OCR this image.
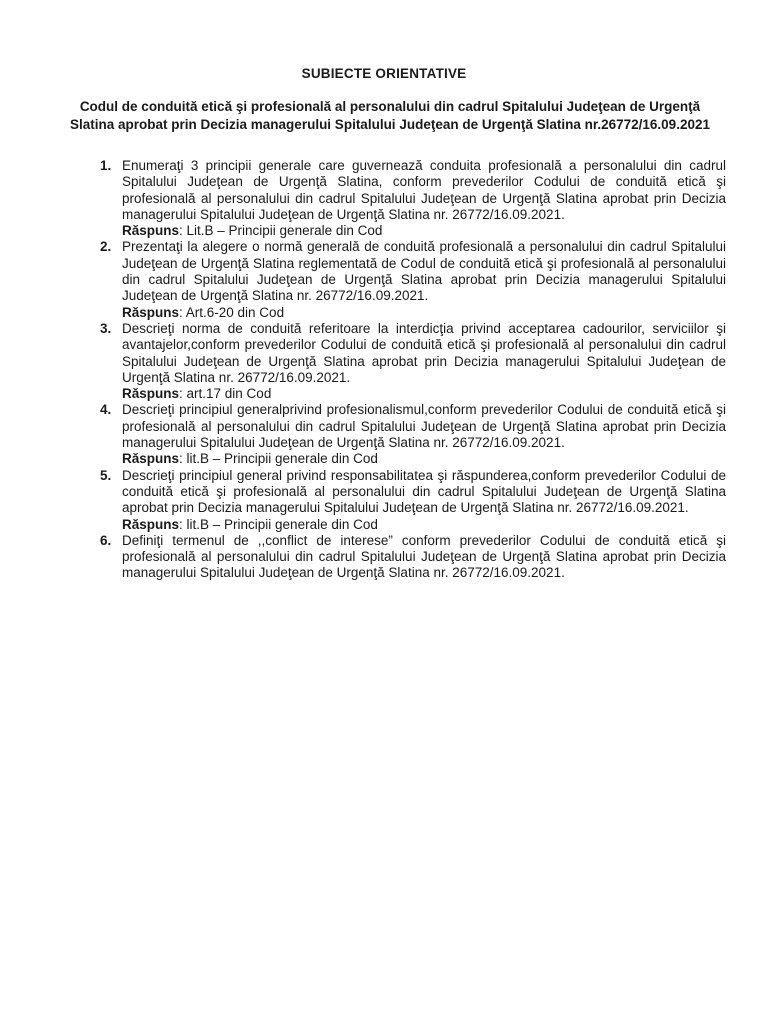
SUBIECTE ORIENTATIVE
Codul de conduită etică şi profesională al personalului din cadrul Spitalului Judeţean de Urgenţă Slatina aprobat prin Decizia managerului Spitalului Judeţean de Urgenţă Slatina nr.26772/16.09.2021
1. Enumeraţi 3 principii generale care guvernează conduita profesională a personalului din cadrul Spitalului Judeţean de Urgenţă Slatina, conform prevederilor Codului de conduită etică şi profesională al personalului din cadrul Spitalului Judeţean de Urgenţă Slatina aprobat prin Decizia managerului Spitalului Judeţean de Urgenţă Slatina nr. 26772/16.09.2021.
Răspuns: Lit.B – Principii generale din Cod
2. Prezentaţi la alegere o normă generală de conduită profesională a personalului din cadrul Spitalului Judeţean de Urgenţă Slatina reglementată de Codul de conduită etică şi profesională al personalului din cadrul Spitalului Judeţean de Urgenţă Slatina aprobat prin Decizia managerului Spitalului Judeţean de Urgenţă Slatina nr. 26772/16.09.2021.
Răspuns: Art.6-20 din Cod
3. Descrieţi norma de conduită referitoare la interdicţia privind acceptarea cadourilor, serviciilor şi avantajelor,conform prevederilor Codului de conduită etică şi profesională al personalului din cadrul Spitalului Judeţean de Urgenţă Slatina aprobat prin Decizia managerului Spitalului Judeţean de Urgenţă Slatina nr. 26772/16.09.2021.
Răspuns: art.17 din Cod
4. Descrieţi principiul generalprivind profesionalismul,conform prevederilor Codului de conduită etică şi profesională al personalului din cadrul Spitalului Judeţean de Urgenţă Slatina aprobat prin Decizia managerului Spitalului Judeţean de Urgenţă Slatina nr. 26772/16.09.2021.
Răspuns: lit.B – Principii generale din Cod
5. Descrieţi principiul general privind responsabilitatea şi răspunderea,conform prevederilor Codului de conduită etică şi profesională al personalului din cadrul Spitalului Judeţean de Urgenţă Slatina aprobat prin Decizia managerului Spitalului Judeţean de Urgenţă Slatina nr. 26772/16.09.2021.
Răspuns: lit.B – Principii generale din Cod
6. Definiţi termenul de ,,conflict de interese” conform prevederilor Codului de conduită etică şi profesională al personalului din cadrul Spitalului Judeţean de Urgenţă Slatina aprobat prin Decizia managerului Spitalului Judeţean de Urgenţă Slatina nr. 26772/16.09.2021.
